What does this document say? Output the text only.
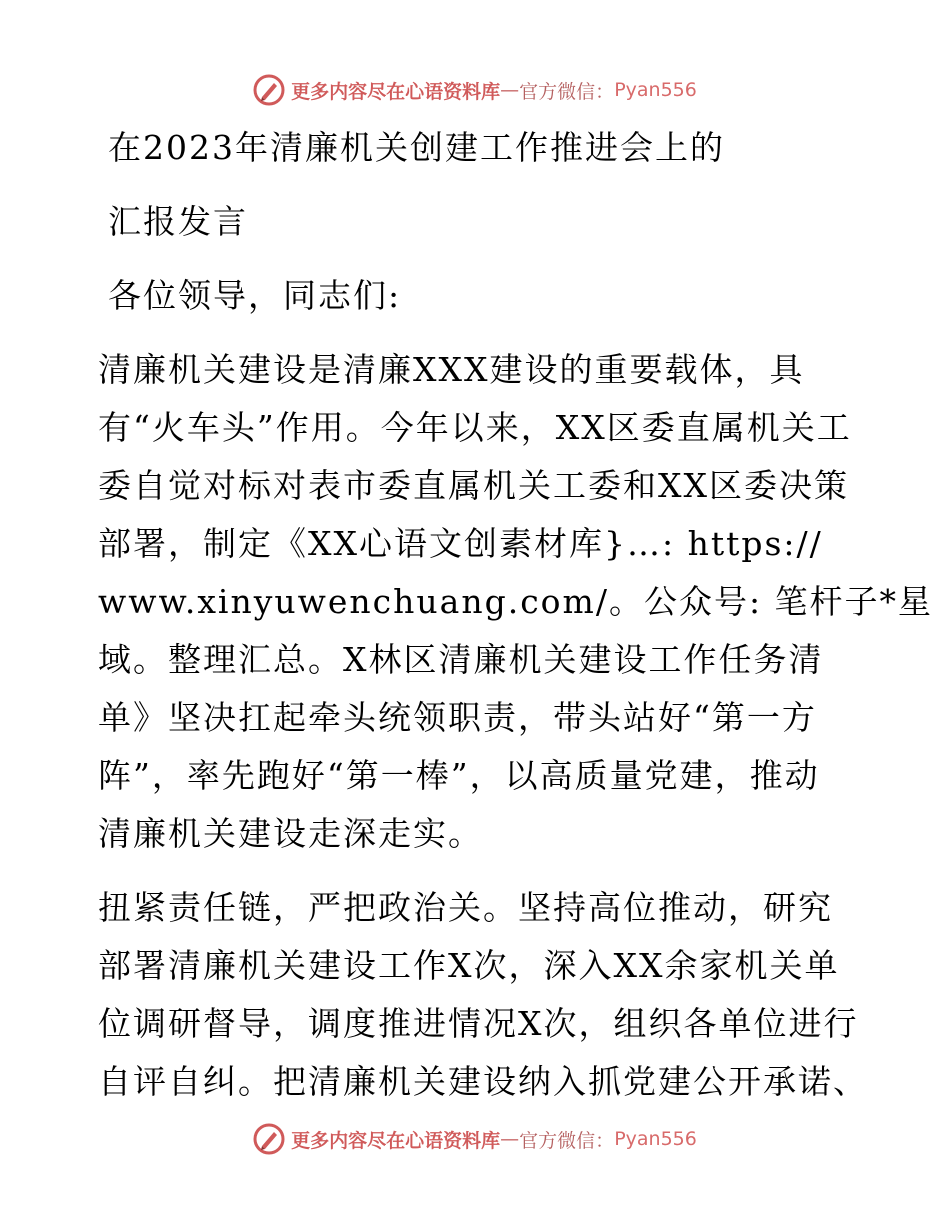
更多内容尽在心语资料库 — 官方微信： Pyan556
在2023年清廉机关创建工作推进会上的
汇报发言
各位领导，同志们:
清廉机关建设是清廉XXX建设的重要载体，具
有“火车头”作用。今年以来，XX区委直属机关工
委自觉对标对表市委直属机关工委和XX区委决策
部署，制定《XX心语文创素材库}…: https://
www.xinyuwenchuang.com/。公众号: 笔杆子*星
域。整理汇总。X林区清廉机关建设工作任务清
单》坚决扛起牵头统领职责，带头站好“第一方
阵”，率先跑好“第一棒”，以高质量党建，推动
清廉机关建设走深走实。
扭紧责任链，严把政治关。坚持高位推动，研究
部署清廉机关建设工作X次，深入XX余家机关单
位调研督导，调度推进情况X次，组织各单位进行
自评自纠。把清廉机关建设纳入抓党建公开承诺、
更多内容尽在心语资料库 — 官方微信： Pyan556
